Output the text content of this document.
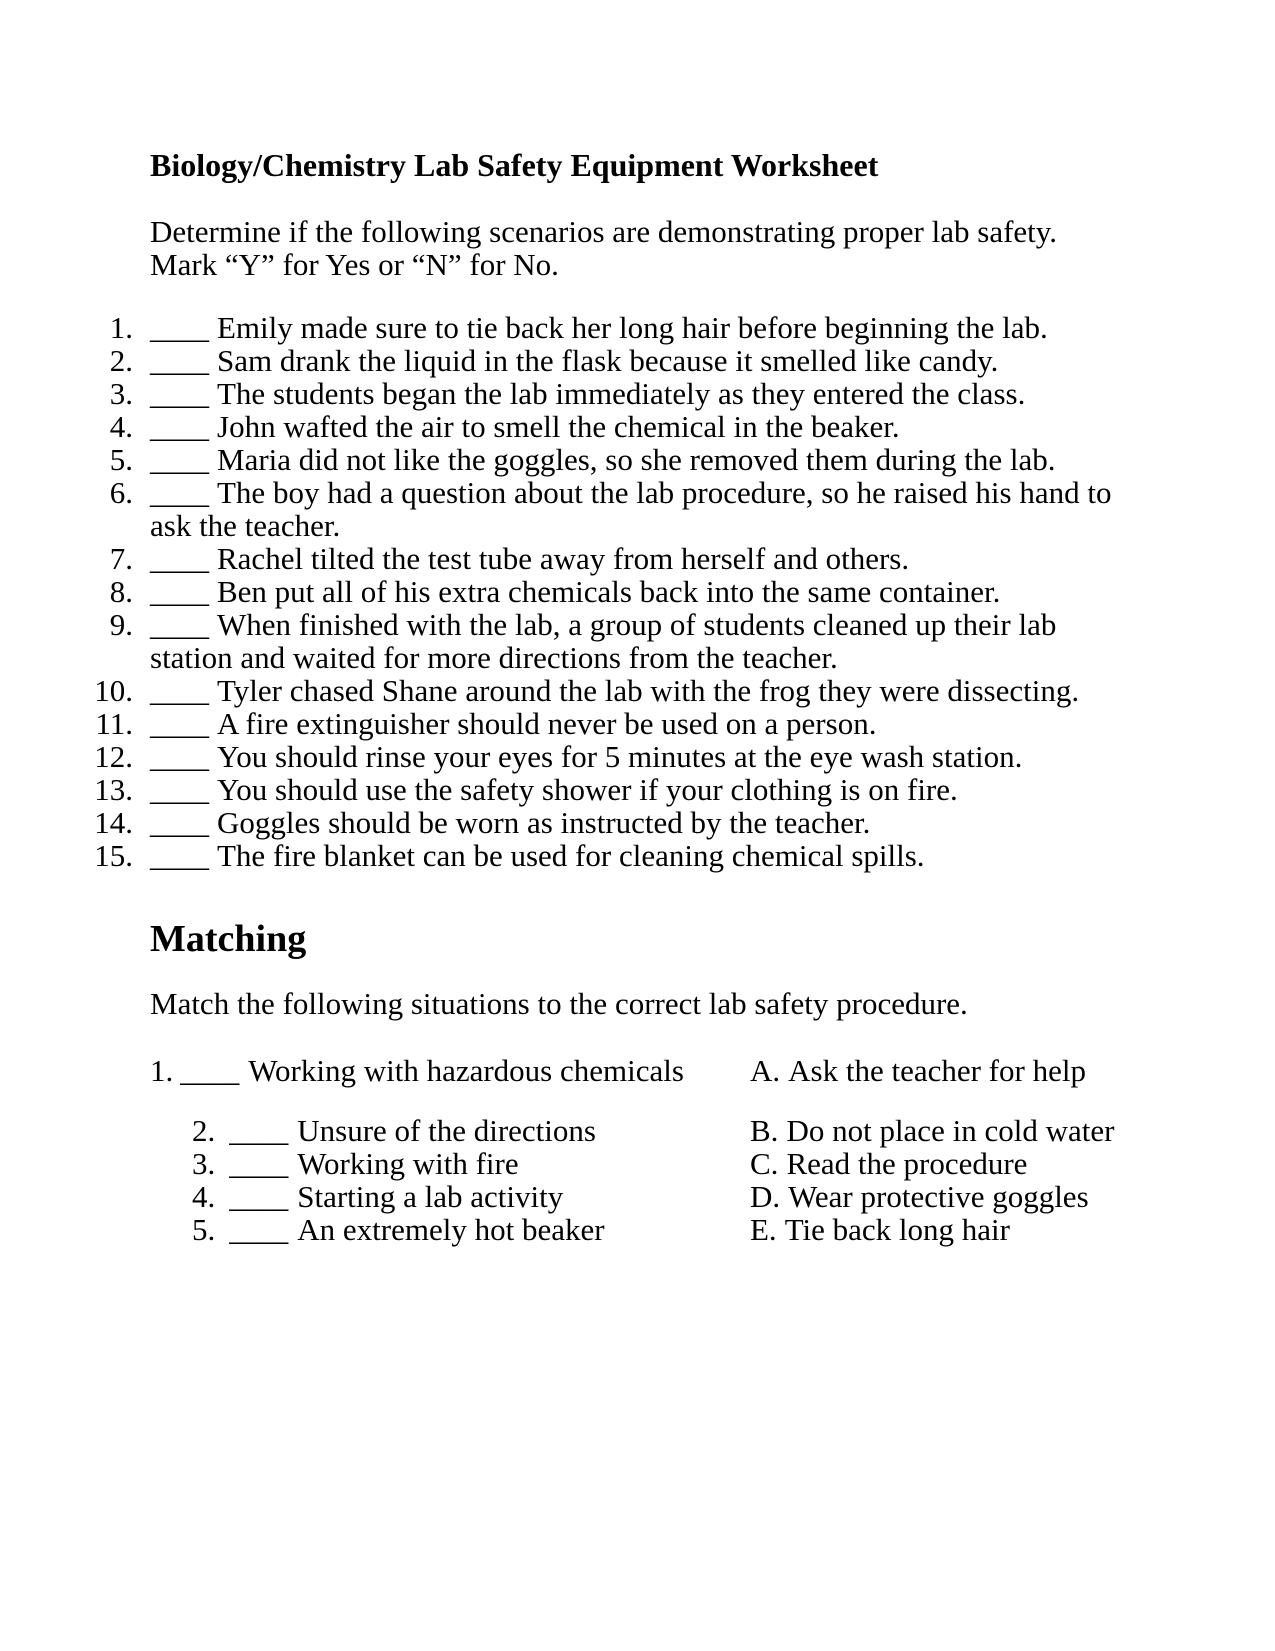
Biology/Chemistry Lab Safety Equipment Worksheet
Determine if the following scenarios are demonstrating proper lab safety.
Mark “Y” for Yes or “N” for No.
1. ____ Emily made sure to tie back her long hair before beginning the lab.
2. ____ Sam drank the liquid in the flask because it smelled like candy.
3. ____ The students began the lab immediately as they entered the class.
4. ____ John wafted the air to smell the chemical in the beaker.
5. ____ Maria did not like the goggles, so she removed them during the lab.
6. ____ The boy had a question about the lab procedure, so he raised his hand to ask the teacher.
7. ____ Rachel tilted the test tube away from herself and others.
8. ____ Ben put all of his extra chemicals back into the same container.
9. ____ When finished with the lab, a group of students cleaned up their lab station and waited for more directions from the teacher.
10. ____ Tyler chased Shane around the lab with the frog they were dissecting.
11. ____ A fire extinguisher should never be used on a person.
12. ____ You should rinse your eyes for 5 minutes at the eye wash station.
13. ____ You should use the safety shower if your clothing is on fire.
14. ____ Goggles should be worn as instructed by the teacher.
15. ____ The fire blanket can be used for cleaning chemical spills.
Matching
Match the following situations to the correct lab safety procedure.
1. ____ Working with hazardous chemicals	A. Ask the teacher for help
2. ____ Unsure of the directions	B. Do not place in cold water
3. ____ Working with fire	C. Read the procedure
4. ____ Starting a lab activity	D. Wear protective goggles
5. ____ An extremely hot beaker	E. Tie back long hair
